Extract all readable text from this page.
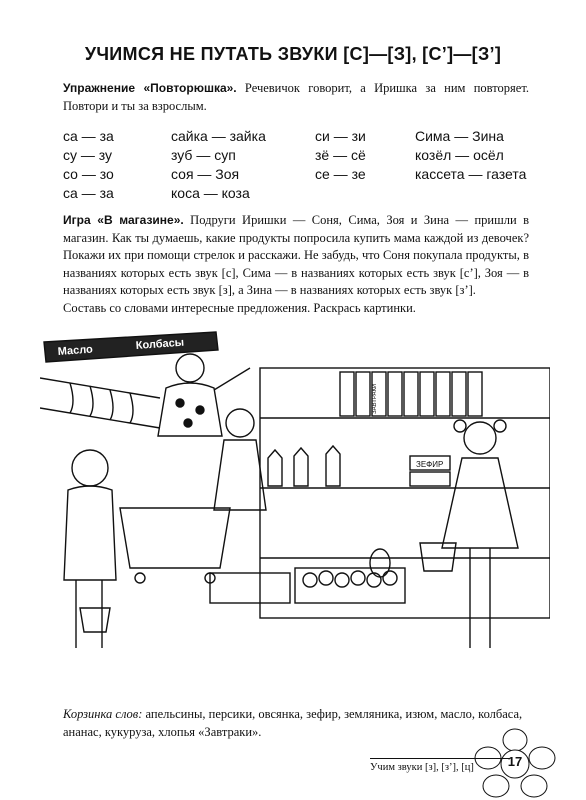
УЧИМСЯ НЕ ПУТАТЬ ЗВУКИ [С]—[З], [С’]—[З’]
Упражнение «Повторюшка». Речевичок говорит, а Иришка за ним повторяет. Повтори и ты за взрослым.
са — за	сайка — зайка	си — зи	Сима — Зина
су — зу	зуб — суп	зё — сё	козёл — осёл
со — зо	соя — Зоя	се — зе	кассета — газета
са — за	коса — коза
Игра «В магазине». Подруги Иришки — Соня, Сима, Зоя и Зина — пришли в магазин. Как ты думаешь, какие продукты попросила купить мама каждой из девочек? Покажи их при помощи стрелок и расскажи. Не забудь, что Соня покупала продукты, в названиях которых есть звук [с], Сима — в названиях которых есть звук [с’], Зоя — в названиях которых есть звук [з], а Зина — в названиях которых есть звук [з’].
Составь со словами интересные предложения. Раскрась картинки.
Масло	Колбасы
ЗАВТРАКИ
ЗЕФИР
Корзинка слов: апельсины, персики, овсянка, зефир, земляника, изюм, масло, колбаса, ананас, кукуруза, хлопья «Завтраки».
17
Учим звуки [з], [з’], [ц]
